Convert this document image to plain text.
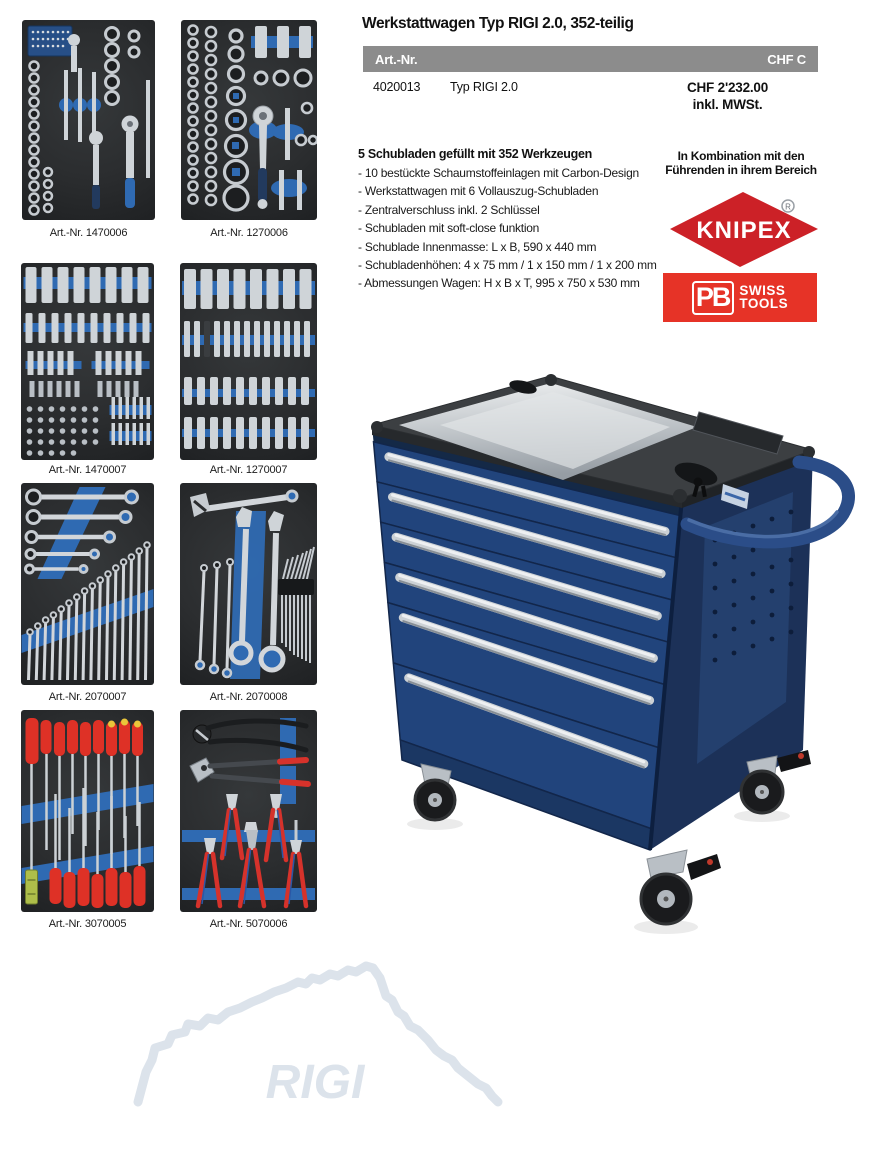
Art.-Nr. 1470006	Art.-Nr. 1270006
Art.-Nr. 1470007	Art.-Nr. 1270007
Art.-Nr. 2070007	Art.-Nr. 2070008
Art.-Nr. 3070005	Art.-Nr. 5070006
Werkstattwagen Typ RIGI 2.0, 352-teilig
Art.-Nr.	CHF C
4020013 Typ RIGI 2.0	CHF 2'232.00
inkl. MWSt.
5 Schubladen gefüllt mit 352 Werkzeugen
- 10 bestückte Schaumstoffeinlagen mit Carbon-Design
- Werkstattwagen mit 6 Vollauszug-Schubladen
- Zentralverschluss inkl. 2 Schlüssel
- Schubladen mit soft-close funktion
- Schublade Innenmasse: L x B, 590 x 440 mm
- Schubladenhöhen: 4 x 75 mm / 1 x 150 mm / 1 x 200 mm
- Abmessungen Wagen: H x B x T, 995 x 750 x 530 mm
In Kombination mit den
Führenden in ihrem Bereich
KNIPEX
R
PB SWISS
TOOLS
RIGI
